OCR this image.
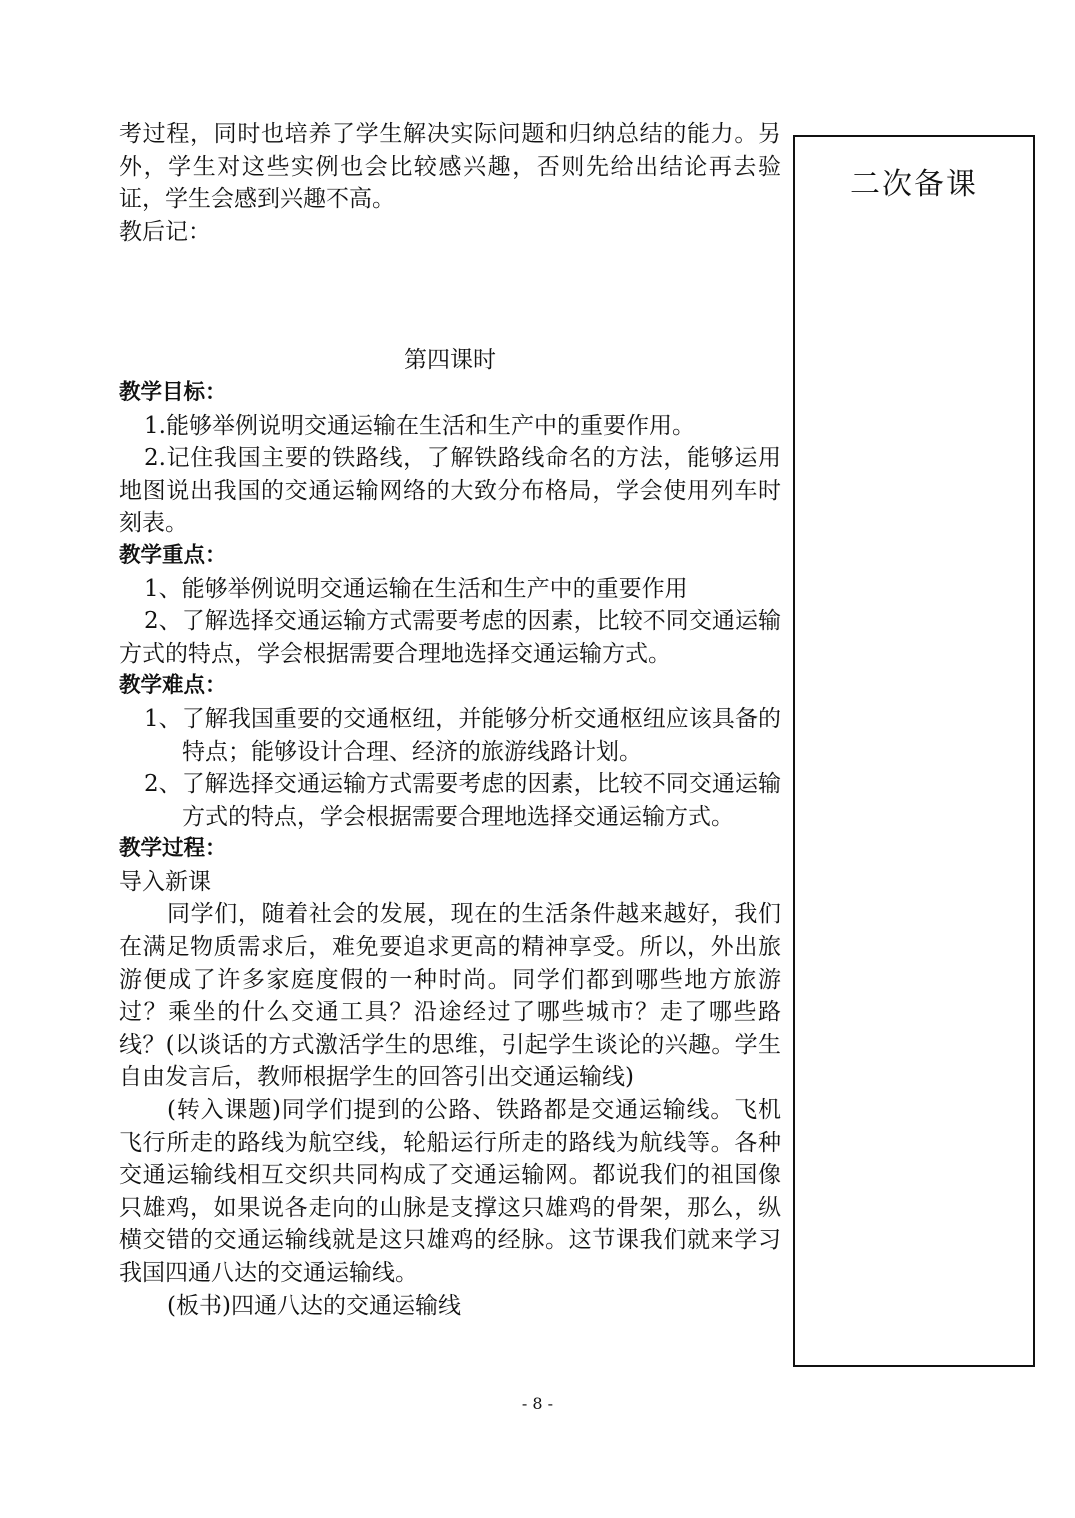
考过程，同时也培养了学生解决实际问题和归纳总结的能力。另外，学生对这些实例也会比较感兴趣，否则先给出结论再去验证，学生会感到兴趣不高。

教后记：

第四课时

教学目标：

1.能够举例说明交通运输在生活和生产中的重要作用。

2.记住我国主要的铁路线，了解铁路线命名的方法，能够运用地图说出我国的交通运输网络的大致分布格局，学会使用列车时刻表。

教学重点：

1、能够举例说明交通运输在生活和生产中的重要作用

2、了解选择交通运输方式需要考虑的因素，比较不同交通运输方式的特点，学会根据需要合理地选择交通运输方式。

教学难点：

1、了解我国重要的交通枢纽，并能够分析交通枢纽应该具备的特点；能够设计合理、经济的旅游线路计划。

2、了解选择交通运输方式需要考虑的因素，比较不同交通运输方式的特点，学会根据需要合理地选择交通运输方式。

教学过程：

导入新课

同学们，随着社会的发展，现在的生活条件越来越好，我们在满足物质需求后，难免要追求更高的精神享受。所以，外出旅游便成了许多家庭度假的一种时尚。同学们都到哪些地方旅游过？乘坐的什么交通工具？沿途经过了哪些城市？走了哪些路线？(以谈话的方式激活学生的思维，引起学生谈论的兴趣。学生自由发言后，教师根据学生的回答引出交通运输线)

(转入课题)同学们提到的公路、铁路都是交通运输线。飞机飞行所走的路线为航空线，轮船运行所走的路线为航线等。各种交通运输线相互交织共同构成了交通运输网。都说我们的祖国像只雄鸡，如果说各走向的山脉是支撑这只雄鸡的骨架，那么，纵横交错的交通运输线就是这只雄鸡的经脉。这节课我们就来学习我国四通八达的交通运输线。

(板书)四通八达的交通运输线

二次备课
- 8 -
